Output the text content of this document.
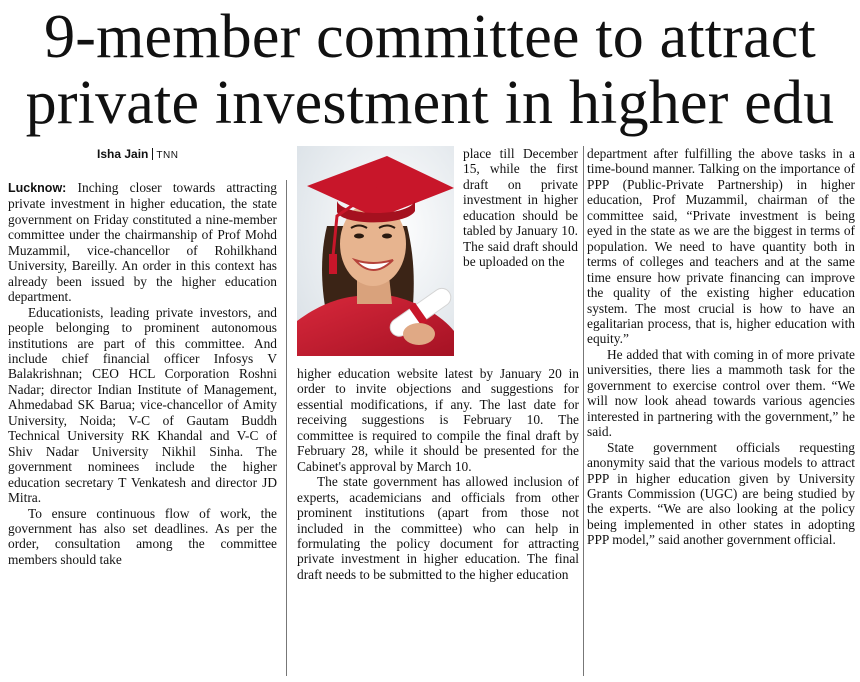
9-member committee to attract
private investment in higher edu
Isha Jain TNN

Lucknow: Inching closer towards attracting private investment in higher education, the state government on Friday constituted a nine-member committee under the chairmanship of Prof Mohd Muzammil, vice-chancellor of Rohilkhand University, Bareilly. An order in this context has already been issued by the higher education department.

Educationists, leading private investors, and people belonging to prominent autonomous institutions are part of this committee. And include chief financial officer Infosys V Balakrishnan; CEO HCL Corporation Roshni Nadar; director Indian Institute of Management, Ahmedabad SK Barua; vice-chancellor of Amity University, Noida; V-C of Gautam Buddh Technical University RK Khandal and V-C of Shiv Nadar University Nikhil Sinha. The government nominees include the higher education secretary T Venkatesh and director JD Mitra.

To ensure continuous flow of work, the government has also set deadlines. As per the order, consultation among the committee members should take

place till December 15, while the first draft on private investment in higher education should be tabled by January 10. The said draft should be uploaded on the

higher education website latest by January 20 in order to invite objections and suggestions for essential modifications, if any. The last date for receiving suggestions is February 10. The committee is required to compile the final draft by February 28, while it should be presented for the Cabinet's approval by March 10.

The state government has allowed inclusion of experts, academicians and officials from other prominent institutions (apart from those not included in the committee) who can help in formulating the policy document for attracting private investment in higher education. The final draft needs to be submitted to the higher education

department after fulfilling the above tasks in a time-bound manner. Talking on the importance of PPP (Public-Private Partnership) in higher education, Prof Muzammil, chairman of the committee said, “Private investment is being eyed in the state as we are the biggest in terms of population. We need to have quantity both in terms of colleges and teachers and at the same time ensure how private financing can improve the quality of the existing higher education system. The most crucial is how to have an egalitarian process, that is, higher education with equity.”

He added that with coming in of more private universities, there lies a mammoth task for the government to exercise control over them. “We will now look ahead towards various agencies interested in partnering with the government,” he said.

State government officials requesting anonymity said that the various models to attract PPP in higher education given by University Grants Commission (UGC) are being studied by the experts. “We are also looking at the policy being implemented in other states in adopting PPP model,” said another government official.
